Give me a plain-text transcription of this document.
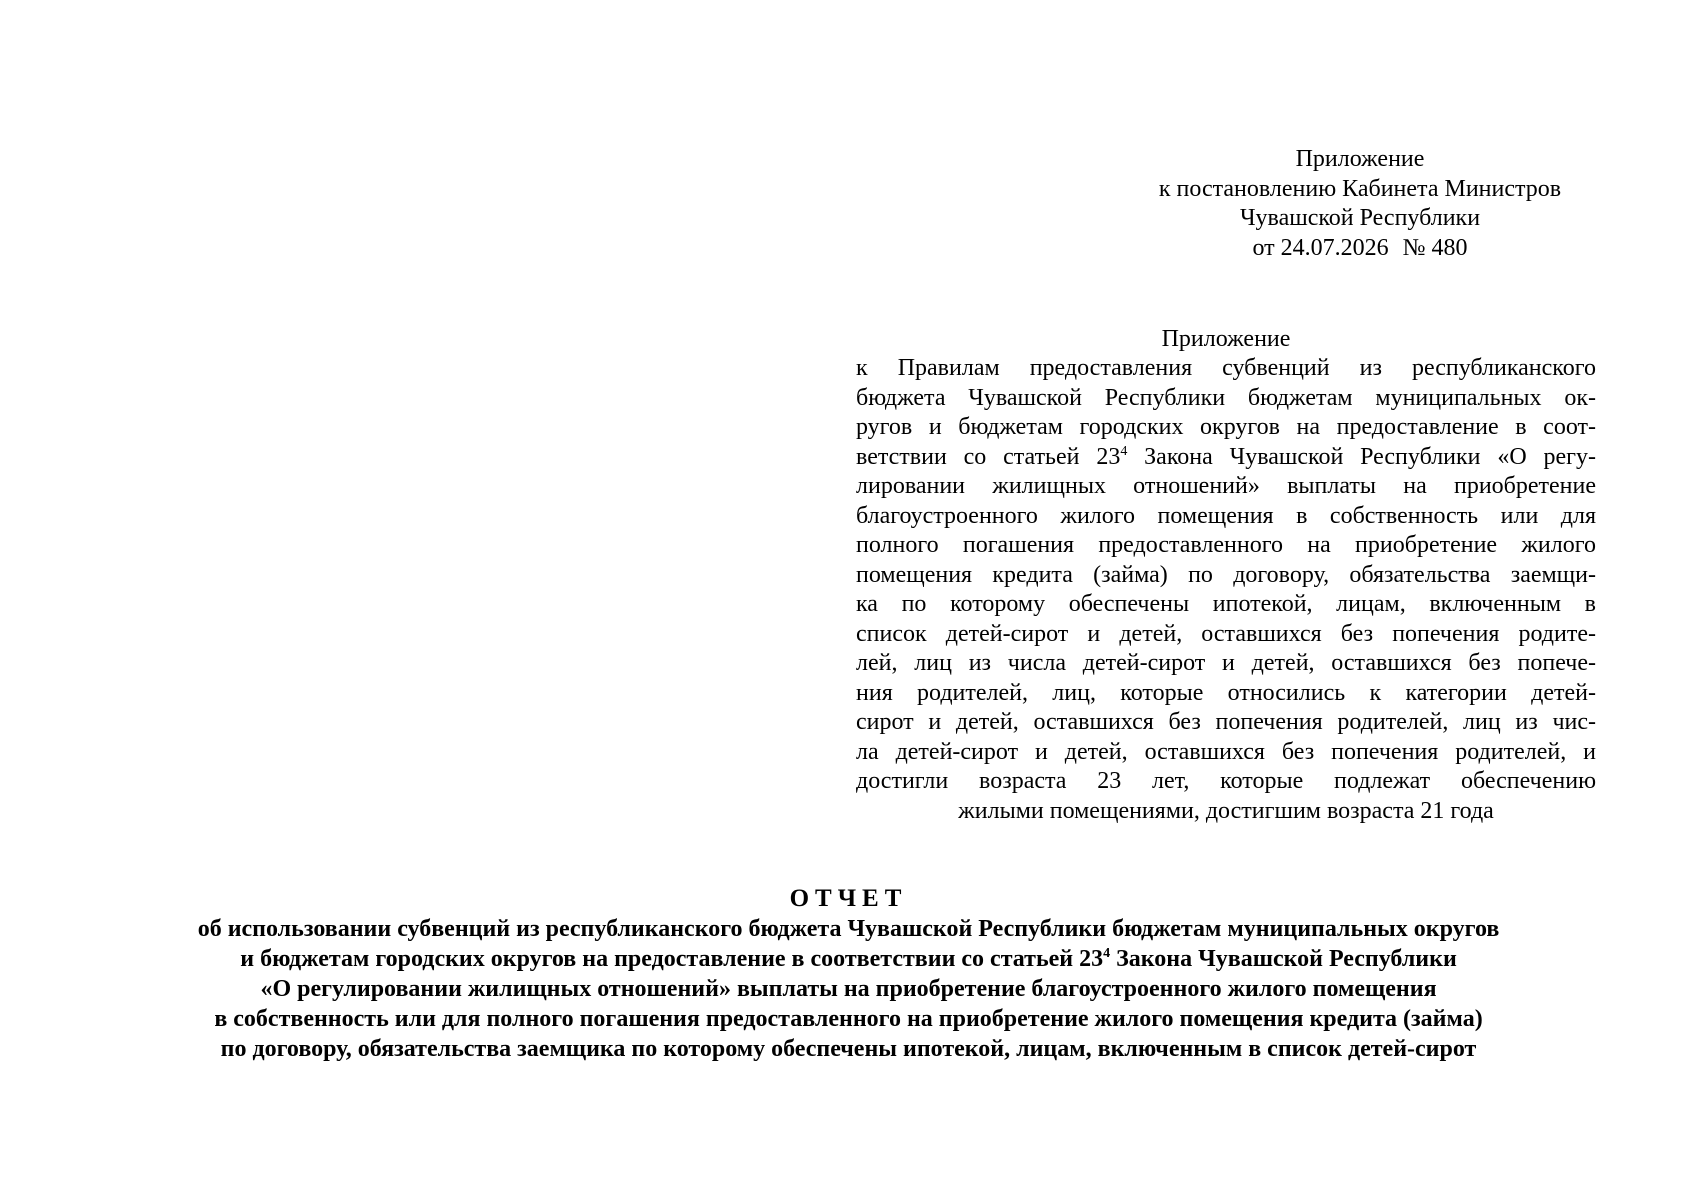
Приложение
к постановлению Кабинета Министров
Чувашской Республики
от 24.07.2026 № 480
Приложение
к Правилам предоставления субвенций из республиканского
бюджета Чувашской Республики бюджетам муниципальных ок-
ругов и бюджетам городских округов на предоставление в соот-
ветствии со статьей $23^4$ Закона Чувашской Республики «О регу-
лировании жилищных отношений» выплаты на приобретение
благоустроенного жилого помещения в собственность или для
полного погашения предоставленного на приобретение жилого
помещения кредита (займа) по договору, обязательства заемщи-
ка по которому обеспечены ипотекой, лицам, включенным в
список детей-сирот и детей, оставшихся без попечения родите-
лей, лиц из числа детей-сирот и детей, оставшихся без попече-
ния родителей, лиц, которые относились к категории детей-
сирот и детей, оставшихся без попечения родителей, лиц из чис-
ла детей-сирот и детей, оставшихся без попечения родителей, и
достигли возраста 23 лет, которые подлежат обеспечению
жилыми помещениями, достигшим возраста 21 года
ОТЧЕТ
об использовании субвенций из республиканского бюджета Чувашской Республики бюджетам муниципальных округов
и бюджетам городских округов на предоставление в соответствии со статьей $23^4$ Закона Чувашской Республики
«О регулировании жилищных отношений» выплаты на приобретение благоустроенного жилого помещения
в собственность или для полного погашения предоставленного на приобретение жилого помещения кредита (займа)
по договору, обязательства заемщика по которому обеспечены ипотекой, лицам, включенным в список детей-сирот
